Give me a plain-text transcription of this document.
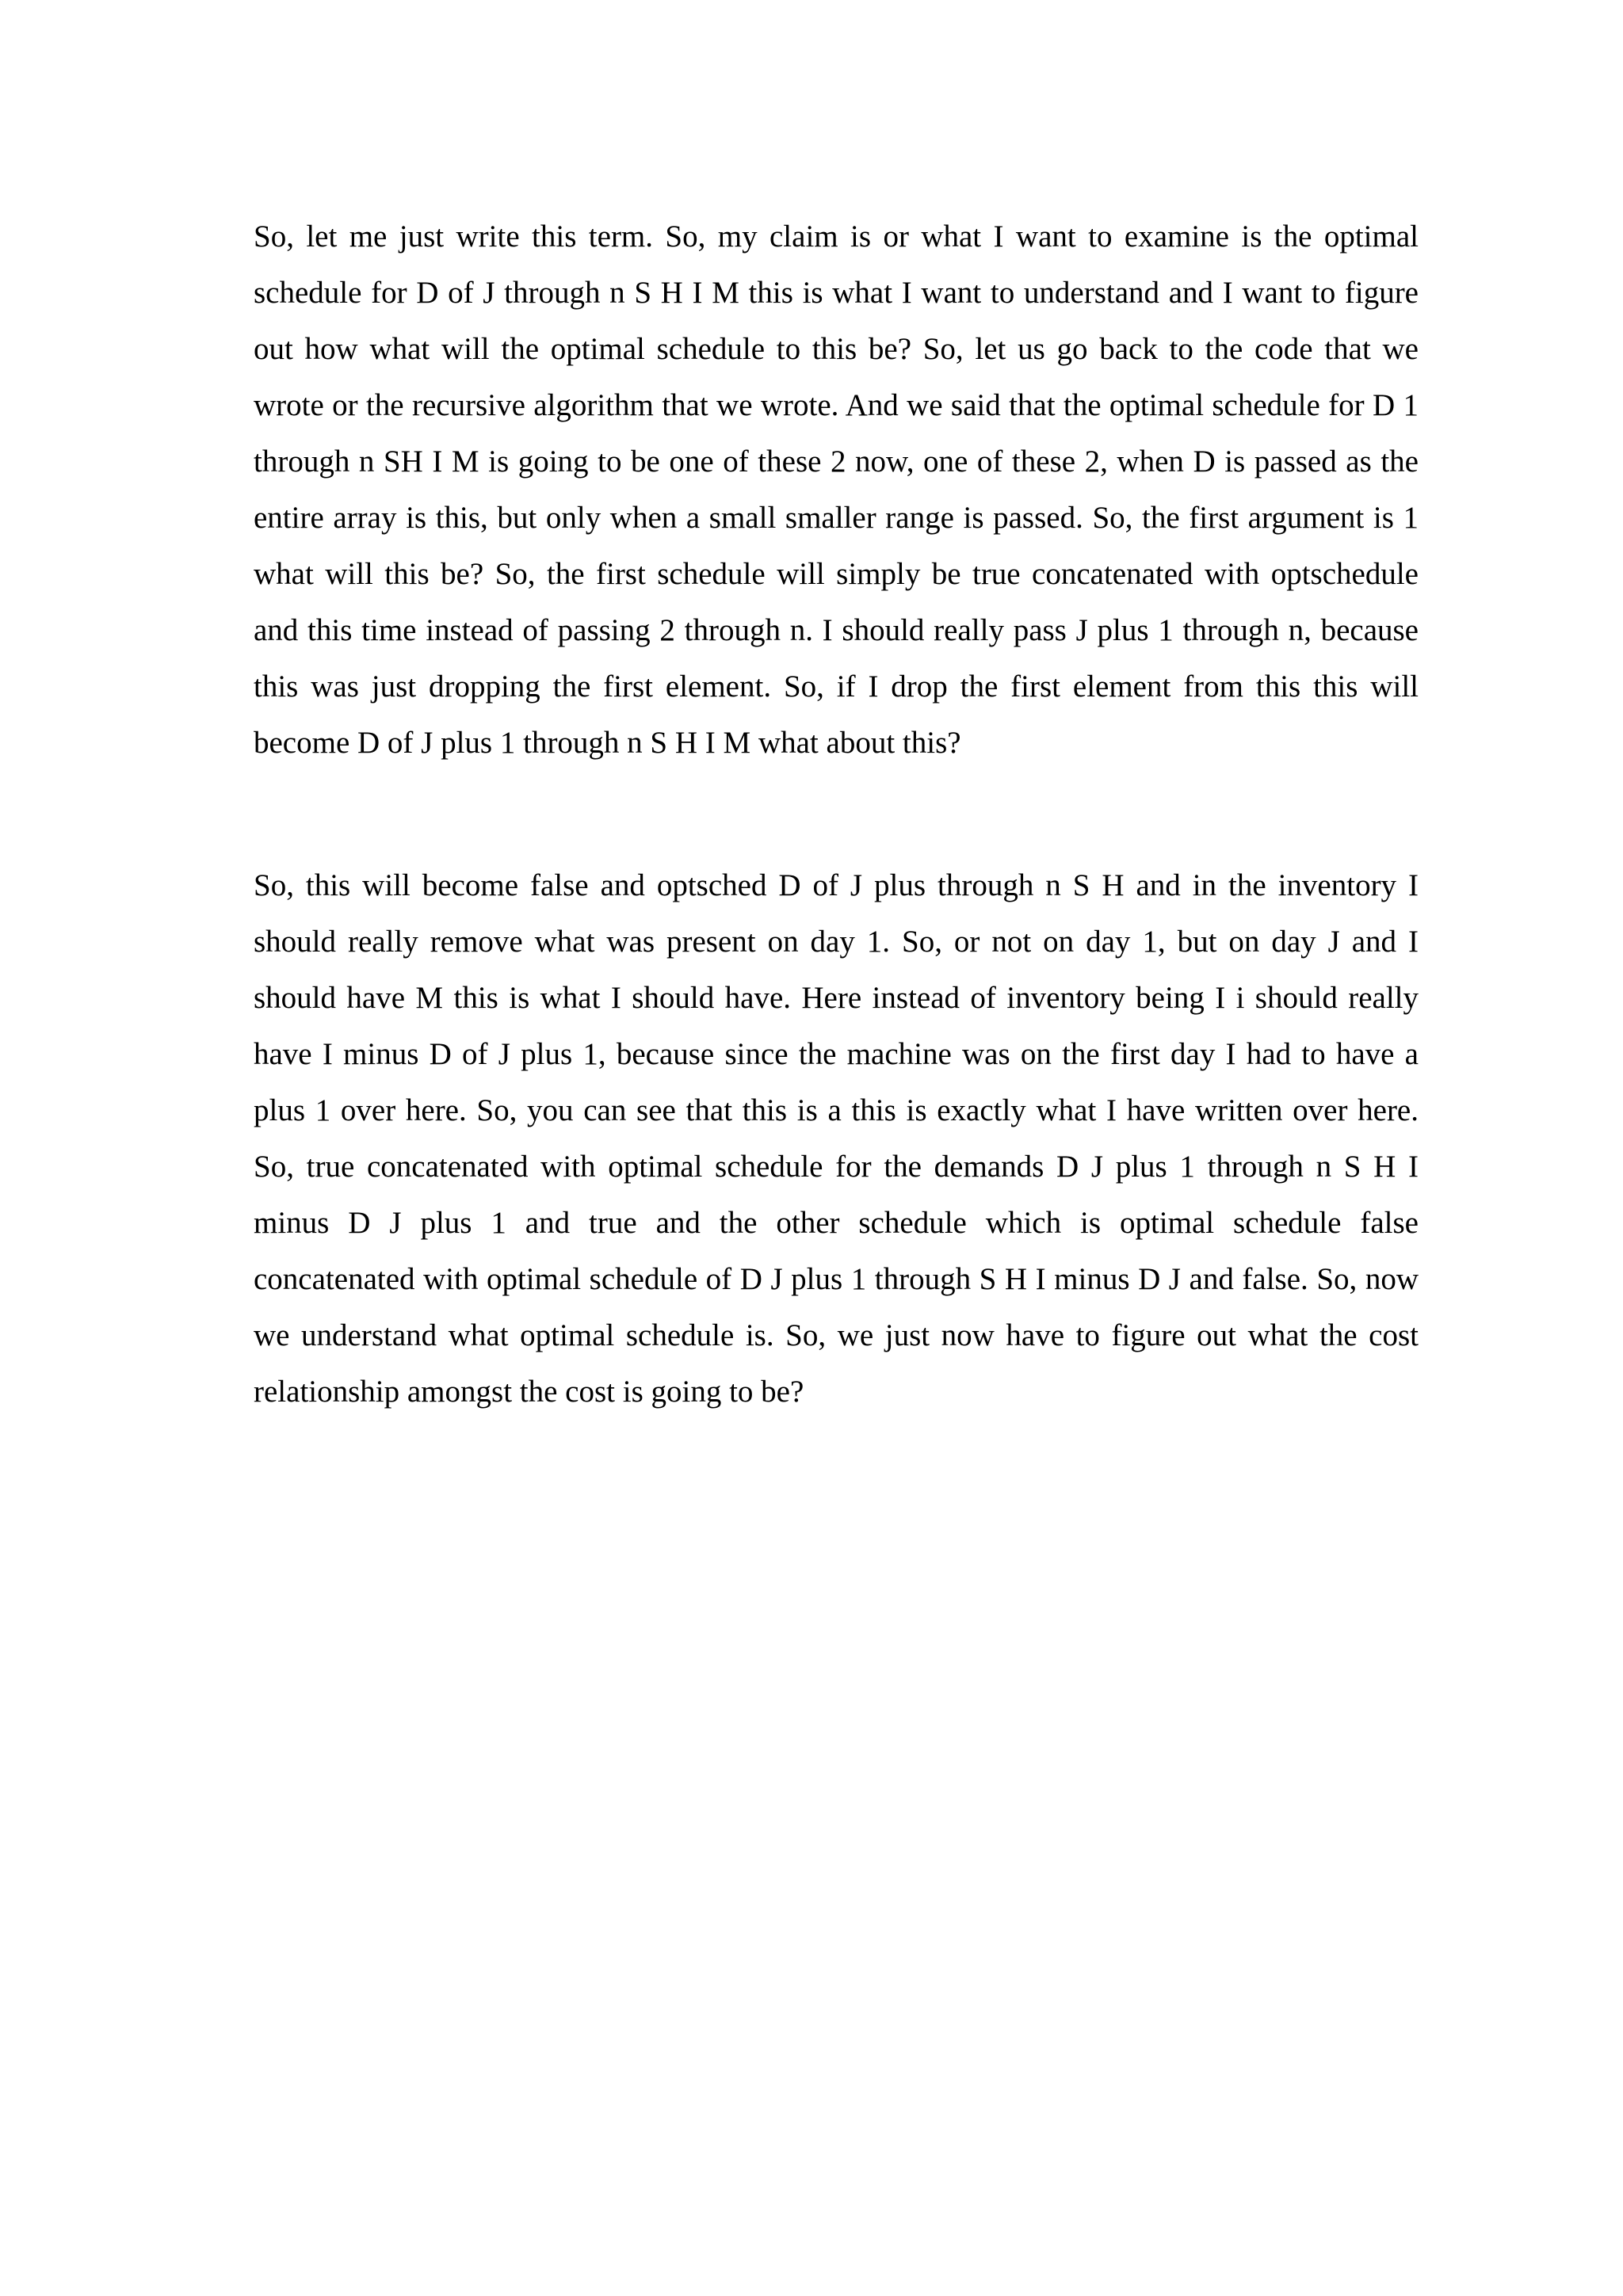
So, let me just write this term. So, my claim is or what I want to examine is the optimal schedule for D of J through n S H I M this is what I want to understand and I want to figure out how what will the optimal schedule to this be? So, let us go back to the code that we wrote or the recursive algorithm that we wrote. And we said that the optimal schedule for D 1 through n SH I M is going to be one of these 2 now, one of these 2, when D is passed as the entire array is this, but only when a small smaller range is passed. So, the first argument is 1 what will this be? So, the first schedule will simply be true concatenated with optschedule and this time instead of passing 2 through n. I should really pass J plus 1 through n, because this was just dropping the first element. So, if I drop the first element from this this will become D of J plus 1 through n S H I M what about this?

So, this will become false and optsched D of J plus through n S H and in the inventory I should really remove what was present on day 1. So, or not on day 1, but on day J and I should have M this is what I should have. Here instead of inventory being I i should really have I minus D of J plus 1, because since the machine was on the first day I had to have a plus 1 over here. So, you can see that this is a this is exactly what I have written over here. So, true concatenated with optimal schedule for the demands D J plus 1 through n S H I minus D J plus 1 and true and the other schedule which is optimal schedule false concatenated with optimal schedule of D J plus 1 through S H I minus D J and false. So, now we understand what optimal schedule is. So, we just now have to figure out what the cost relationship amongst the cost is going to be?
